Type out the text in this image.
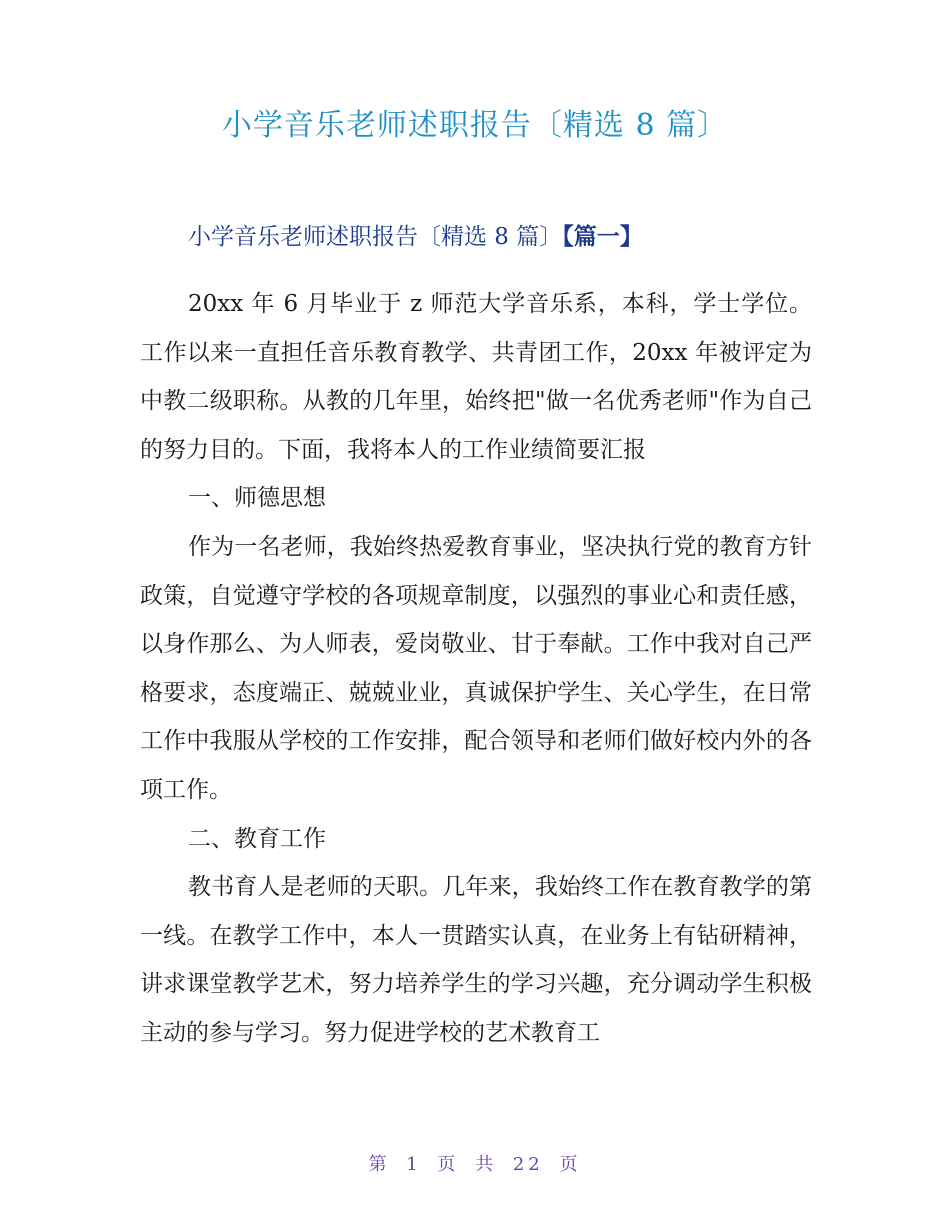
小学音乐老师述职报告〔精选 8 篇〕
小学音乐老师述职报告〔精选 8 篇〕【篇一】

20xx 年 6 月毕业于 z 师范大学音乐系，本科，学士学位。工作以来一直担任音乐教育教学、共青团工作，20xx 年被评定为中教二级职称。从教的几年里，始终把"做一名优秀老师"作为自己的努力目的。下面，我将本人的工作业绩简要汇报

一、师德思想

作为一名老师，我始终热爱教育事业，坚决执行党的教育方针政策，自觉遵守学校的各项规章制度，以强烈的事业心和责任感，以身作那么、为人师表，爱岗敬业、甘于奉献。工作中我对自己严格要求，态度端正、兢兢业业，真诚保护学生、关心学生，在日常工作中我服从学校的工作安排，配合领导和老师们做好校内外的各项工作。

二、教育工作

教书育人是老师的天职。几年来，我始终工作在教育教学的第一线。在教学工作中，本人一贯踏实认真，在业务上有钻研精神，讲求课堂教学艺术，努力培养学生的学习兴趣，充分调动学生积极主动的参与学习。努力促进学校的艺术教育工

第 1 页 共 22 页
